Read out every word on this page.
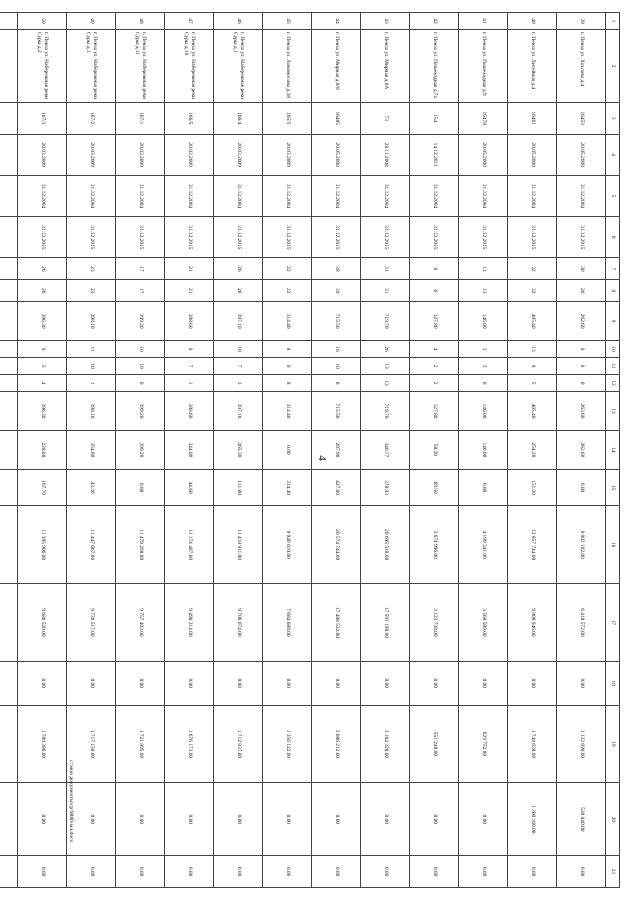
4
1	2	3	4	5	6	7	8	9	10	11	12	13	14	15	16	17	18	19	20	21
39	г. Пенза ул. Хохлова д.4	16453	20.05.2008	31.12.2004	31.12.2015	30	20	262.60	8	8	0	263.60	262.60	0.00	8 082 102.00	6 418 572.00	0.00	1 132 690.00	530 840.00	0.00
40	г. Пенза ул. Литейная д.4	16461	20.05.2008	31.12.2004	31.12.2015	32	32	405.40	13	8	5	405.40	254.20	151.20	12 857 744.00	9 808 946.00	0.00	1 748 638.00	1 300 160.00	0.00
41	г. Пенза ул. Пешеходная д.9	16478	20.05.2008	31.12.2004	31.12.2015	13	13	146.00	3	3	0	146.00	146.00	0.00	4 199 341.00	3 568 589.00	0.00	629 752.00	0.00	0.00
42	г. Пенза ул. Пешеходная д.7а	154	14.12.2011	31.12.2004	31.12.2015	6	6	127.80	4	2	2	127.80	58.30	69.50	3 674 996.00	3 123 738.00	0.00	551 248.00	0.00	0.00
43	г. Пенза ул. Мирная д.6А	73	28.11.2008	31.12.2004	31.12.2015	31	31	719.70	26	13	13	719.70	340.77	378.93	20 695 518.00	17 591 190.00	0.00	3 104 328.00	0.00	0.00
44	г. Пенза ул. Мирная д.8/8	16485	20.05.2008	31.12.2004	31.12.2015	39	39	715.50	16	10	6	715.50	287.90	427.60	20 574 744.00	17 488 532.00	0.00	3 086 212.00	0.00	0.00
45	г. Пенза ул. Ломоносова д.38	165/5	20.03.2009	31.12.2004	31.12.2015	22	22	314.40	8	0	8	314.40	0.00	314.40	9 040 810.00	7 684 688.00	0.00	1 356 122.00	0.00	0.00
46	г. Пенза ул. Набережная реки Суры д.1	166/4	20.03.2009	31.12.2004	31.12.2015	26	26	397.10	10	7	3	397.10	265.30	131.80	11 418 911.00	9 706 074.00	0.00	1 712 837.00	0.00	0.00
47	г. Пенза ул. Набережная реки Суры д.10	166/5	20.03.2009	31.12.2004	31.12.2015	21	21	388.60	8	7	1	388.60	344.00	44.60	11 174 487.00	9 498 314.00	0.00	1 676 173.00	0.00	0.00
48	г. Пенза ул. Набережная реки Суры д.11	167/1	20.03.2009	31.12.2004	31.12.2015	17	17	399.20	10	10	0	399.20	399.20	0.00	11 479 298.00	9 757 403.00	0.00	1 721 895.00	0.00	0.00
49	г. Пенза ул. Набережная реки Суры д.1	167/2	20.03.2009	31.12.2004	31.12.2015	23	23	398.10	11	10	1	398.10	354.80	43.30	11 447 667.00	9 730 517.00	0.00	1 717 150.00	0.00	0.00
50	г. Пенза ул. Набережная реки Суры д.2	167/3	20.03.2009	31.12.2004	31.12.2015	26	26	396.30	9	5	4	396.30	228.60	167.70	11 395 906.00	9 686 520.00	0.00	1 709 386.00	0.00	0.00

c:\мои документы\гр\9880-мл.docx
